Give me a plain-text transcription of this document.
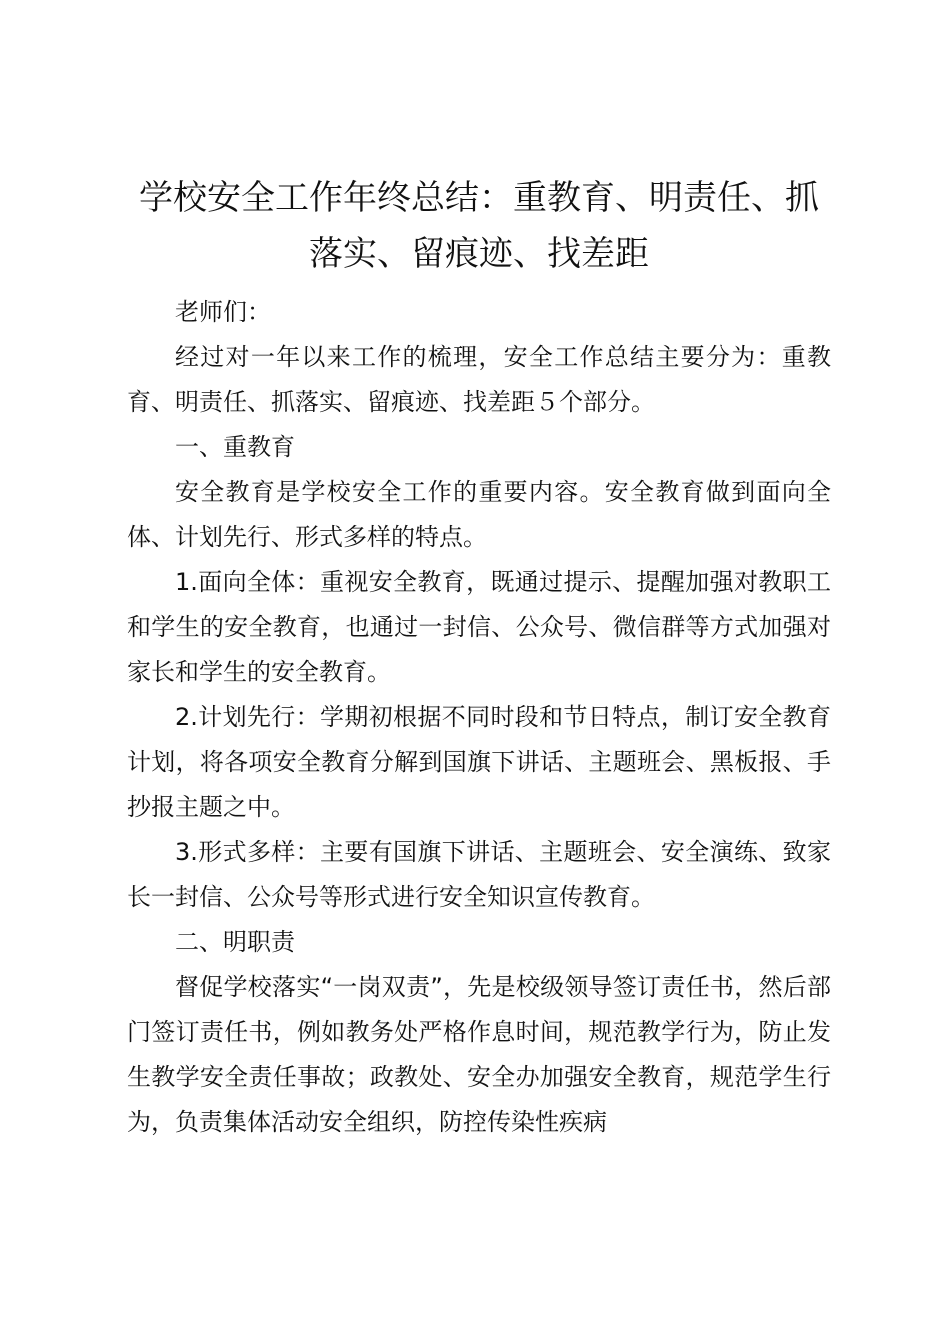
学校安全工作年终总结：重教育、明责任、抓落实、留痕迹、找差距

老师们：

经过对一年以来工作的梳理，安全工作总结主要分为：重教育、明责任、抓落实、留痕迹、找差距５个部分。

一、重教育

安全教育是学校安全工作的重要内容。安全教育做到面向全体、计划先行、形式多样的特点。

1.面向全体：重视安全教育，既通过提示、提醒加强对教职工和学生的安全教育，也通过一封信、公众号、微信群等方式加强对家长和学生的安全教育。

2.计划先行：学期初根据不同时段和节日特点，制订安全教育计划，将各项安全教育分解到国旗下讲话、主题班会、黑板报、手抄报主题之中。

3.形式多样：主要有国旗下讲话、主题班会、安全演练、致家长一封信、公众号等形式进行安全知识宣传教育。

二、明职责

督促学校落实“一岗双责”，先是校级领导签订责任书，然后部门签订责任书，例如教务处严格作息时间，规范教学行为，防止发生教学安全责任事故；政教处、安全办加强安全教育，规范学生行为，负责集体活动安全组织，防控传染性疾病
